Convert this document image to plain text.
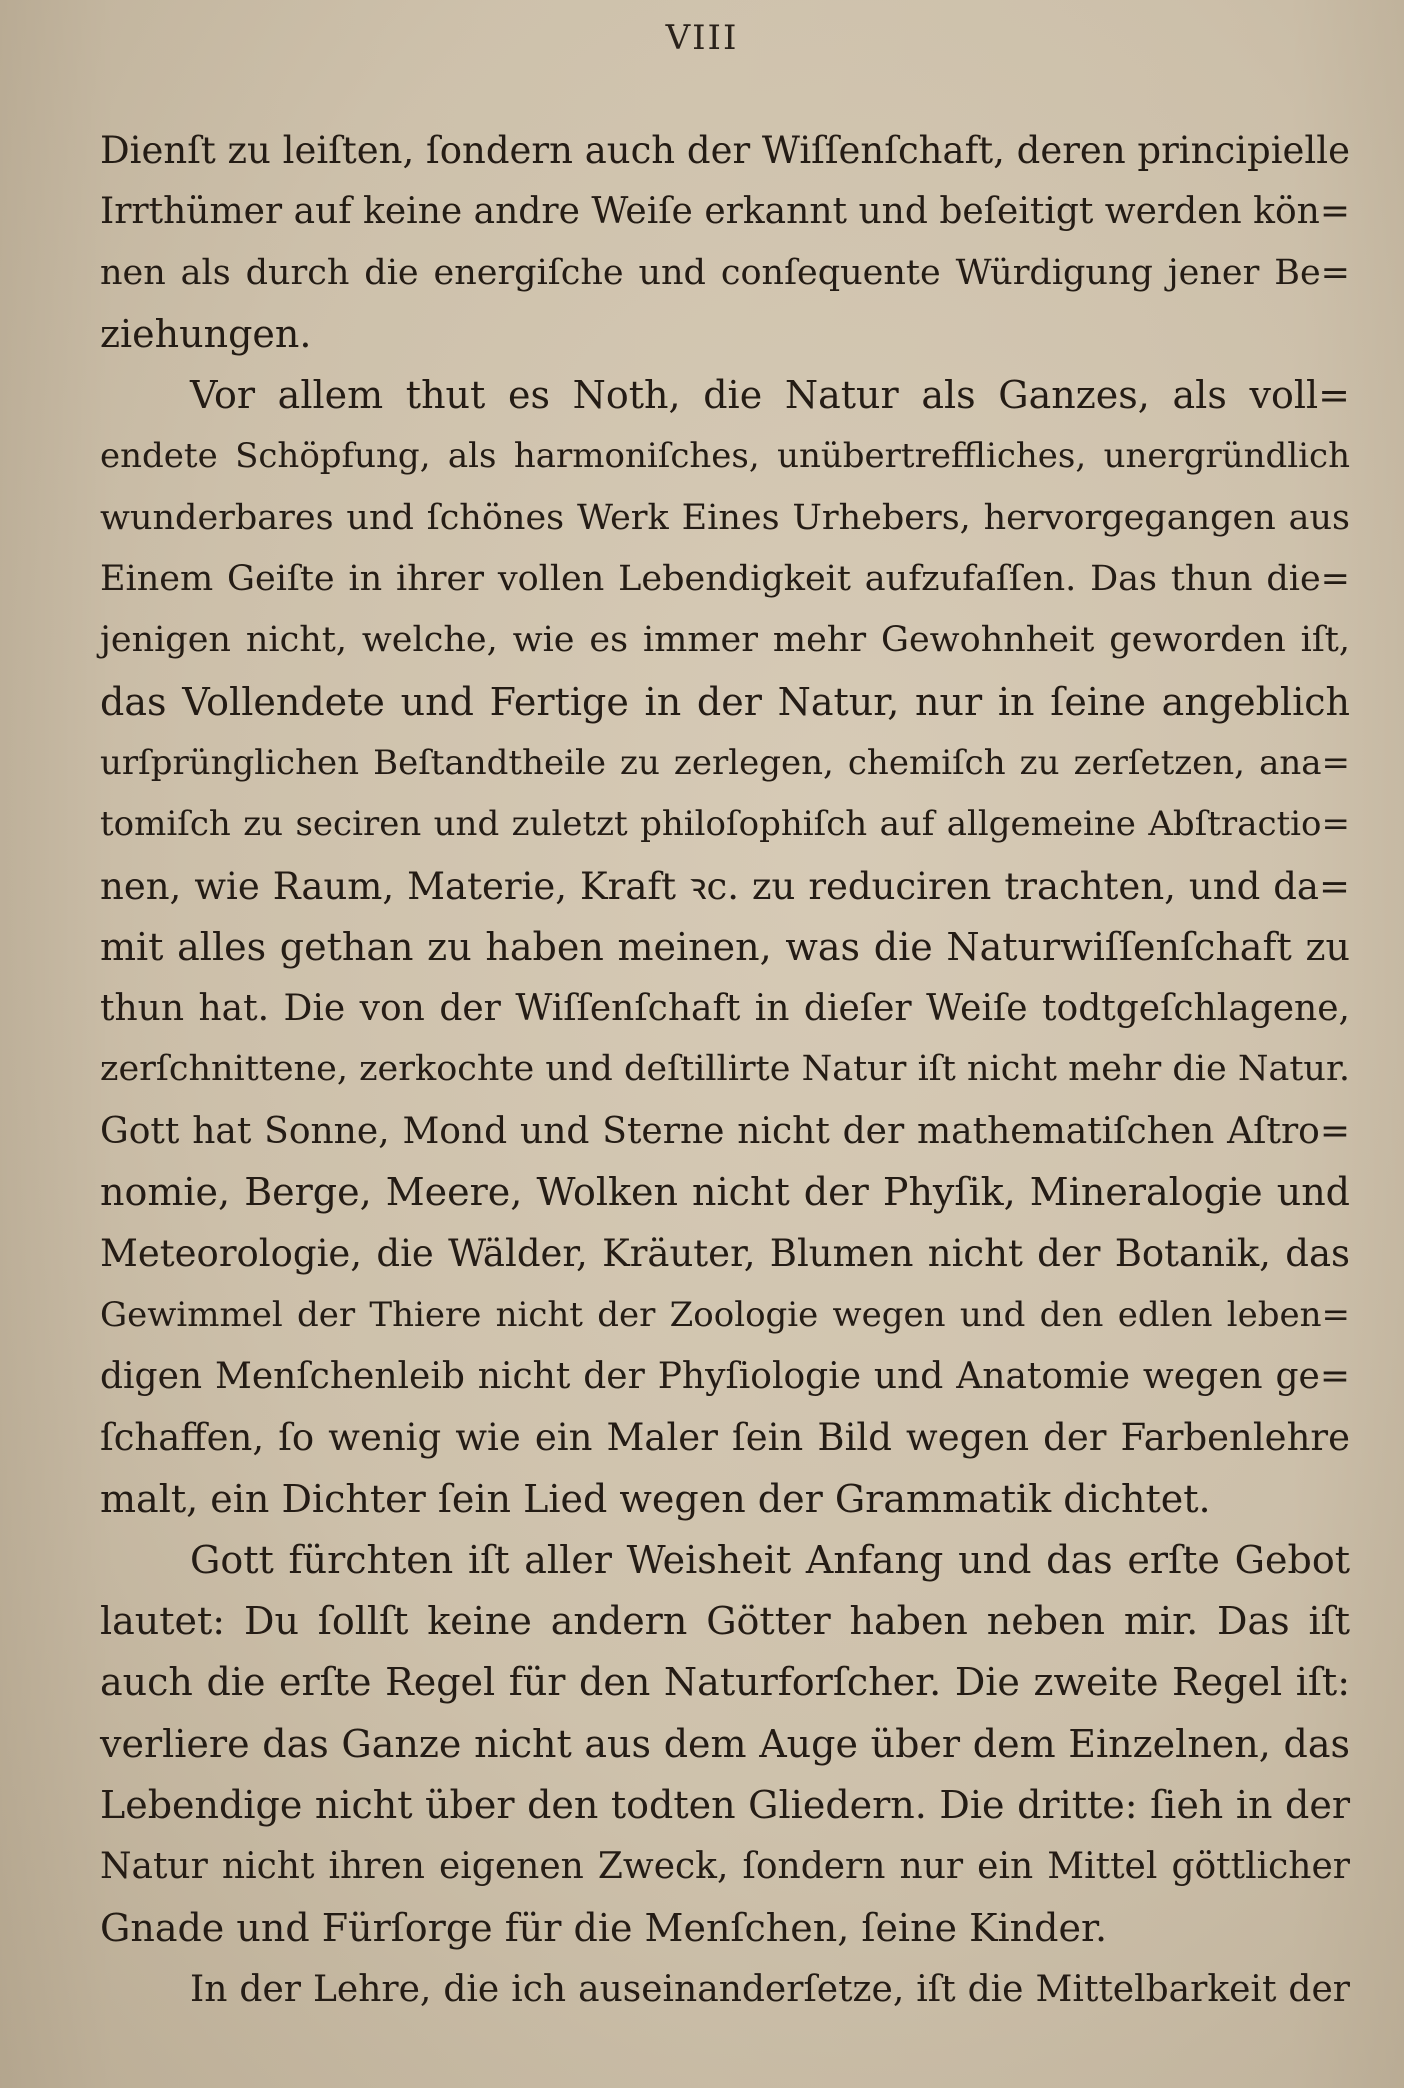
VIII
Dienſt zu leiſten, ſondern auch der Wiſſenſchaft, deren principielle
Irrthümer auf keine andre Weiſe erkannt und beſeitigt werden kön=
nen als durch die energiſche und conſequente Würdigung jener Be=
ziehungen.
Vor allem thut es Noth, die Natur als Ganzes, als voll=
endete Schöpfung, als harmoniſches, unübertreffliches, unergründlich
wunderbares und ſchönes Werk Eines Urhebers, hervorgegangen aus
Einem Geiſte in ihrer vollen Lebendigkeit aufzufaſſen. Das thun die=
jenigen nicht, welche, wie es immer mehr Gewohnheit geworden iſt,
das Vollendete und Fertige in der Natur, nur in ſeine angeblich
urſprünglichen Beſtandtheile zu zerlegen, chemiſch zu zerſetzen, ana=
tomiſch zu seciren und zuletzt philoſophiſch auf allgemeine Abſtractio=
nen, wie Raum, Materie, Kraft ꝛc. zu reduciren trachten, und da=
mit alles gethan zu haben meinen, was die Naturwiſſenſchaft zu
thun hat. Die von der Wiſſenſchaft in dieſer Weiſe todtgeſchlagene,
zerſchnittene, zerkochte und deſtillirte Natur iſt nicht mehr die Natur.
Gott hat Sonne, Mond und Sterne nicht der mathematiſchen Aſtro=
nomie, Berge, Meere, Wolken nicht der Phyſik, Mineralogie und
Meteorologie, die Wälder, Kräuter, Blumen nicht der Botanik, das
Gewimmel der Thiere nicht der Zoologie wegen und den edlen leben=
digen Menſchenleib nicht der Phyſiologie und Anatomie wegen ge=
ſchaffen, ſo wenig wie ein Maler ſein Bild wegen der Farbenlehre
malt, ein Dichter ſein Lied wegen der Grammatik dichtet.
Gott fürchten iſt aller Weisheit Anfang und das erſte Gebot
lautet: Du ſollſt keine andern Götter haben neben mir. Das iſt
auch die erſte Regel für den Naturforſcher. Die zweite Regel iſt:
verliere das Ganze nicht aus dem Auge über dem Einzelnen, das
Lebendige nicht über den todten Gliedern. Die dritte: ſieh in der
Natur nicht ihren eigenen Zweck, ſondern nur ein Mittel göttlicher
Gnade und Fürſorge für die Menſchen, ſeine Kinder.
In der Lehre, die ich auseinanderſetze, iſt die Mittelbarkeit der
